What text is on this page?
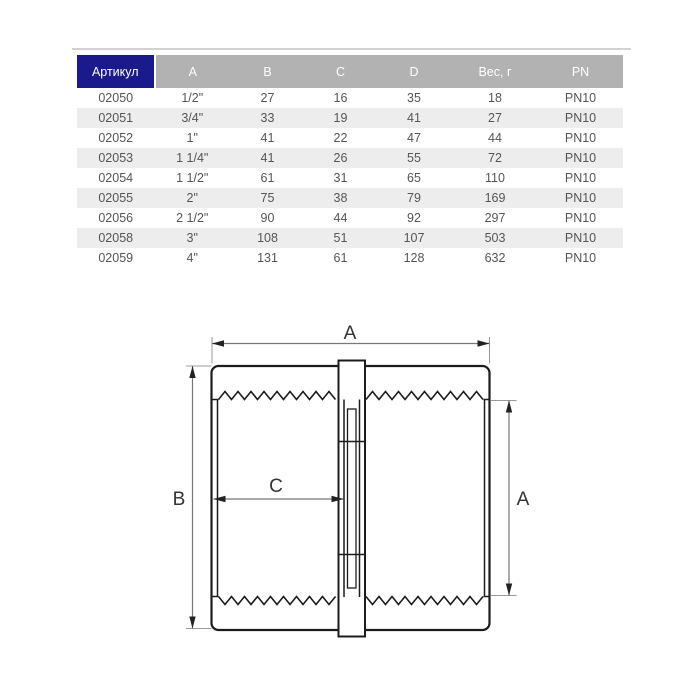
Артикул	A	B	C	D	Вес, г	PN
02050	1/2"	27	16	35	18	PN10
02051	3/4"	33	19	41	27	PN10
02052	1"	41	22	47	44	PN10
02053	1 1/4"	41	26	55	72	PN10
02054	1 1/2"	61	31	65	110	PN10
02055	2"	75	38	79	169	PN10
02056	2 1/2"	90	44	92	297	PN10
02058	3"	108	51	107	503	PN10
02059	4"	131	61	128	632	PN10
A
B
C
A
